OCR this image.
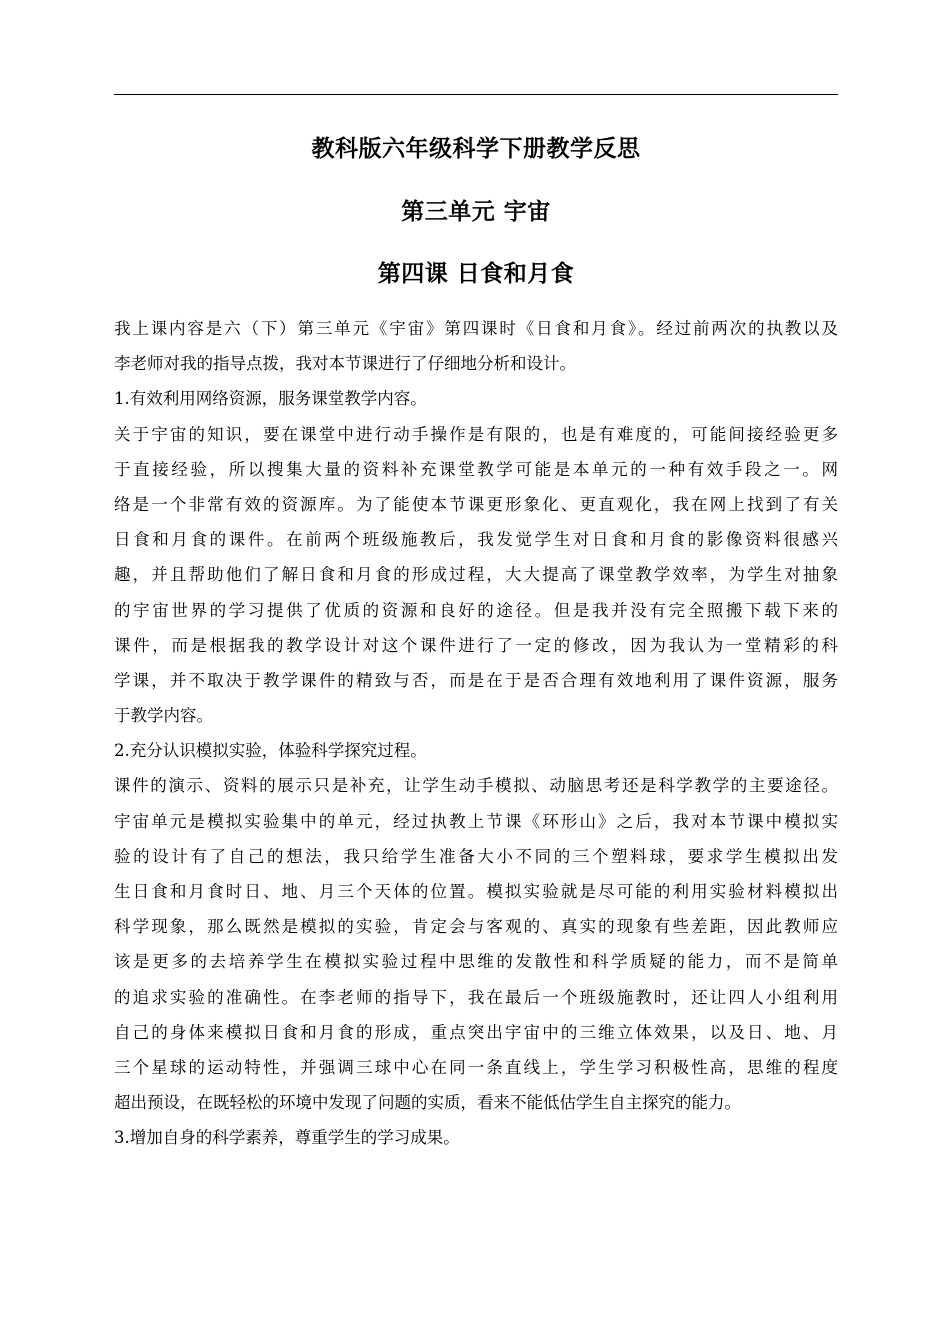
教科版六年级科学下册教学反思
第三单元 宇宙
第四课 日食和月食
我上课内容是六（下）第三单元《宇宙》第四课时《日食和月食》。经过前两次的执教以及
李老师对我的指导点拨，我对本节课进行了仔细地分析和设计。
1.有效利用网络资源，服务课堂教学内容。
关于宇宙的知识，要在课堂中进行动手操作是有限的，也是有难度的，可能间接经验更多
于直接经验，所以搜集大量的资料补充课堂教学可能是本单元的一种有效手段之一。网
络是一个非常有效的资源库。为了能使本节课更形象化、更直观化，我在网上找到了有关
日食和月食的课件。在前两个班级施教后，我发觉学生对日食和月食的影像资料很感兴
趣，并且帮助他们了解日食和月食的形成过程，大大提高了课堂教学效率，为学生对抽象
的宇宙世界的学习提供了优质的资源和良好的途径。但是我并没有完全照搬下载下来的
课件，而是根据我的教学设计对这个课件进行了一定的修改，因为我认为一堂精彩的科
学课，并不取决于教学课件的精致与否，而是在于是否合理有效地利用了课件资源，服务
于教学内容。
2.充分认识模拟实验，体验科学探究过程。
课件的演示、资料的展示只是补充，让学生动手模拟、动脑思考还是科学教学的主要途径。
宇宙单元是模拟实验集中的单元，经过执教上节课《环形山》之后，我对本节课中模拟实
验的设计有了自己的想法，我只给学生准备大小不同的三个塑料球，要求学生模拟出发
生日食和月食时日、地、月三个天体的位置。模拟实验就是尽可能的利用实验材料模拟出
科学现象，那么既然是模拟的实验，肯定会与客观的、真实的现象有些差距，因此教师应
该是更多的去培养学生在模拟实验过程中思维的发散性和科学质疑的能力，而不是简单
的追求实验的准确性。在李老师的指导下，我在最后一个班级施教时，还让四人小组利用
自己的身体来模拟日食和月食的形成，重点突出宇宙中的三维立体效果，以及日、地、月
三个星球的运动特性，并强调三球中心在同一条直线上，学生学习积极性高，思维的程度
超出预设，在既轻松的环境中发现了问题的实质，看来不能低估学生自主探究的能力。
3.增加自身的科学素养，尊重学生的学习成果。
